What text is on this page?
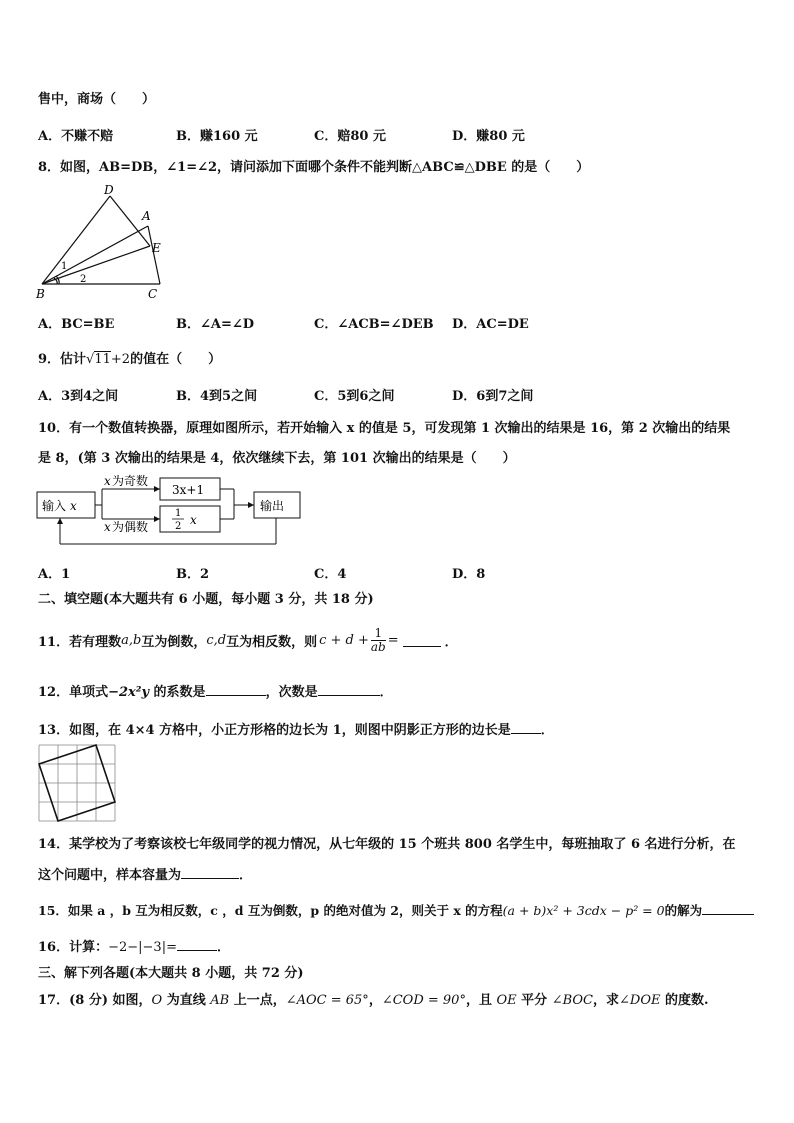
售中，商场（　　）
A．不赚不赔	B．赚160 元	C．赔80 元	D．赚80 元
8．如图，AB=DB，∠1=∠2，请问添加下面哪个条件不能判断△ABC≌△DBE 的是（　　）
D
A
E
B	C
1
2
A．BC=BE	B．∠A=∠D	C．∠ACB=∠DEB D．AC=DE
9．估计√11+2的值在（　　）
A．3到4之间	B．4到5之间	C．5到6之间	D．6到7之间
10．有一个数值转换器，原理如图所示，若开始输入 x 的值是 5，可发现第 1 次输出的结果是 16，第 2 次输出的结果
是 8，(第 3 次输出的结果是 4，依次继续下去，第 101 次输出的结果是（　　）
输入 x
x 为奇数
x 为偶数
3x+1
1
2 x
输出
A．1	B．2	C．4	D．8
二、填空题(本大题共有 6 小题，每小题 3 分，共 18 分)
11．若有理数 a,b 互为倒数， c,d 互为相反数，则 $c + d + \frac{1}{ab}$ =	．
12．单项式−2x²y 的系数是	，次数是	．
13．如图，在 4×4 方格中，小正方形格的边长为 1，则图中阴影正方形的边长是 ．
14．某学校为了考察该校七年级同学的视力情况，从七年级的 15 个班共 800 名学生中，每班抽取了 6 名进行分析，在
这个问题中，样本容量为	．
15．如果 a ，b 互为相反数，c ，d 互为倒数，p 的绝对值为 2，则关于 x 的方程(a + b)x² + 3cdx − p² = 0的解为
16．计算：−2−|−3|=	．
三、解下列各题(本大题共 8 小题，共 72 分)
17．(8 分) 如图，O 为直线 AB 上一点，∠AOC = 65°，∠COD = 90°，且 OE 平分 ∠BOC，求∠DOE 的度数.
